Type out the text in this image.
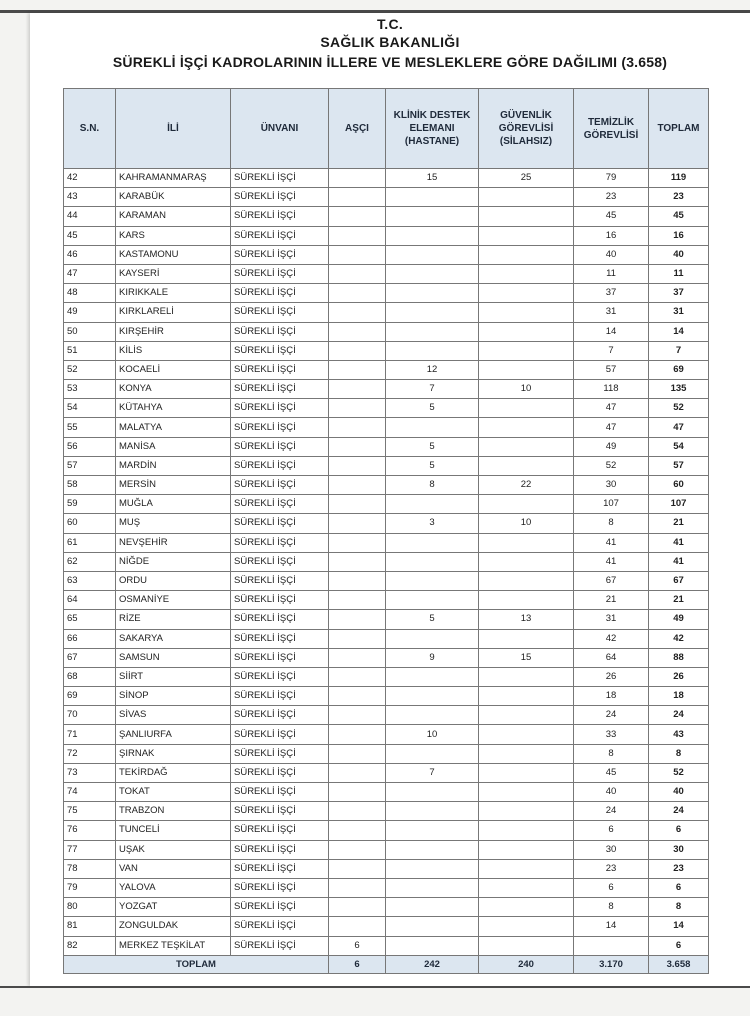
T.C.
SAĞLIK BAKANLIĞI
SÜREKLİ İŞÇİ KADROLARININ İLLERE VE MESLEKLERE GÖRE DAĞILIMI (3.658)
S.N.	İLİ	ÜNVANI	AŞÇI	KLİNİK DESTEK ELEMANI (HASTANE)	GÜVENLİK GÖREVLİSİ (SİLAHSIZ)	TEMİZLİK GÖREVLİSİ	TOPLAM
42	KAHRAMANMARAŞ	SÜREKLİ İŞÇİ		15	25	79	119
43	KARABÜK	SÜREKLİ İŞÇİ				23	23
44	KARAMAN	SÜREKLİ İŞÇİ				45	45
45	KARS	SÜREKLİ İŞÇİ				16	16
46	KASTAMONU	SÜREKLİ İŞÇİ				40	40
47	KAYSERİ	SÜREKLİ İŞÇİ				11	11
48	KIRIKKALE	SÜREKLİ İŞÇİ				37	37
49	KIRKLARELİ	SÜREKLİ İŞÇİ				31	31
50	KIRŞEHİR	SÜREKLİ İŞÇİ				14	14
51	KİLİS	SÜREKLİ İŞÇİ				7	7
52	KOCAELİ	SÜREKLİ İŞÇİ		12		57	69
53	KONYA	SÜREKLİ İŞÇİ		7	10	118	135
54	KÜTAHYA	SÜREKLİ İŞÇİ		5		47	52
55	MALATYA	SÜREKLİ İŞÇİ				47	47
56	MANİSA	SÜREKLİ İŞÇİ		5		49	54
57	MARDİN	SÜREKLİ İŞÇİ		5		52	57
58	MERSİN	SÜREKLİ İŞÇİ		8	22	30	60
59	MUĞLA	SÜREKLİ İŞÇİ				107	107
60	MUŞ	SÜREKLİ İŞÇİ		3	10	8	21
61	NEVŞEHİR	SÜREKLİ İŞÇİ				41	41
62	NİĞDE	SÜREKLİ İŞÇİ				41	41
63	ORDU	SÜREKLİ İŞÇİ				67	67
64	OSMANİYE	SÜREKLİ İŞÇİ				21	21
65	RİZE	SÜREKLİ İŞÇİ		5	13	31	49
66	SAKARYA	SÜREKLİ İŞÇİ				42	42
67	SAMSUN	SÜREKLİ İŞÇİ		9	15	64	88
68	SİİRT	SÜREKLİ İŞÇİ				26	26
69	SİNOP	SÜREKLİ İŞÇİ				18	18
70	SİVAS	SÜREKLİ İŞÇİ				24	24
71	ŞANLIURFA	SÜREKLİ İŞÇİ		10		33	43
72	ŞIRNAK	SÜREKLİ İŞÇİ				8	8
73	TEKİRDAĞ	SÜREKLİ İŞÇİ		7		45	52
74	TOKAT	SÜREKLİ İŞÇİ				40	40
75	TRABZON	SÜREKLİ İŞÇİ				24	24
76	TUNCELİ	SÜREKLİ İŞÇİ				6	6
77	UŞAK	SÜREKLİ İŞÇİ				30	30
78	VAN	SÜREKLİ İŞÇİ				23	23
79	YALOVA	SÜREKLİ İŞÇİ				6	6
80	YOZGAT	SÜREKLİ İŞÇİ				8	8
81	ZONGULDAK	SÜREKLİ İŞÇİ				14	14
82	MERKEZ TEŞKİLAT	SÜREKLİ İŞÇİ	6				6
TOPLAM			6	242	240	3.170	3.658
